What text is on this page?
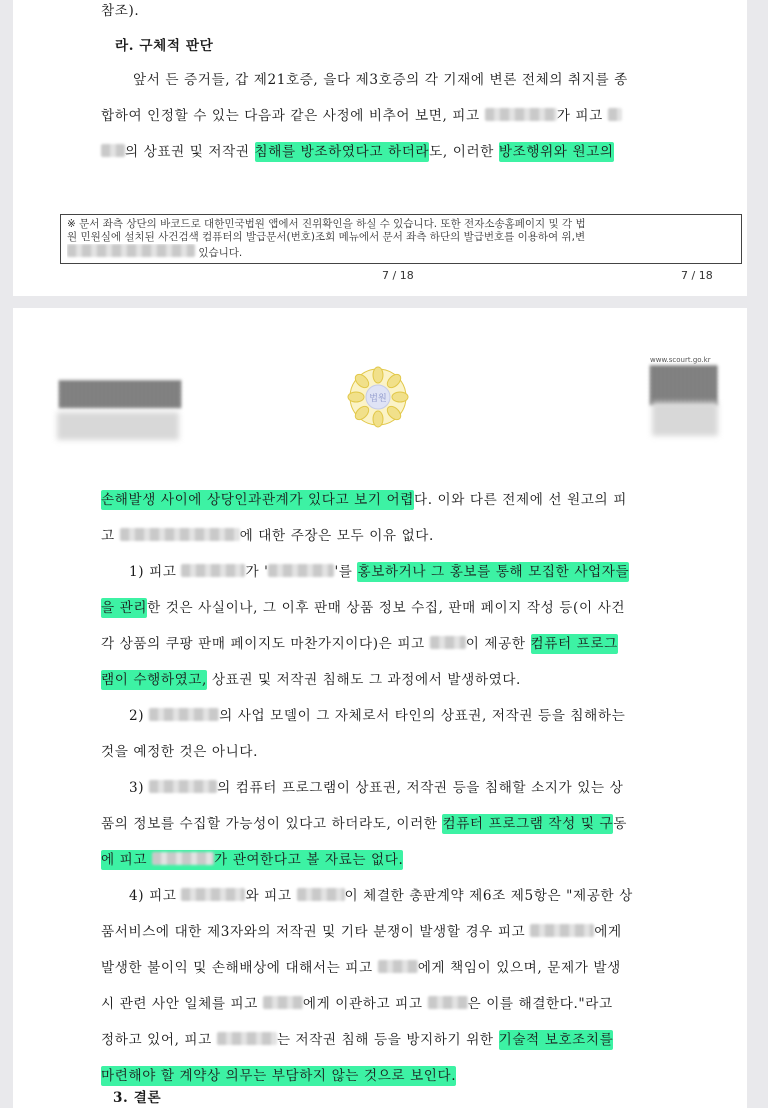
참조).
라. 구체적 판단
앞서 든 증거들, 갑 제21호증, 을다 제3호증의 각 기재에 변론 전체의 취지를 종
합하여 인정할 수 있는 다음과 같은 사정에 비추어 보면, 피고	가 피고
의 상표권 및 저작권 침해를 방조하였다고 하더라도, 이러한 방조행위와 원고의
※ 문서 좌측 상단의 바코드로 대한민국법원 앱에서 진위확인을 하실 수 있습니다. 또한 전자소송홈페이지 및 각 법
원 민원실에 설치된 사건검색 컴퓨터의 발급문서(번호)조회 메뉴에서 문서 좌측 하단의 발급번호를 이용하여 위,변
있습니다.
7 / 18	7 / 18
법원
www.scourt.go.kr
손해발생 사이에 상당인과관계가 있다고 보기 어렵다. 이와 다른 전제에 선 원고의 피
고	에 대한 주장은 모두 이유 없다.
1) 피고	가 '	'를 홍보하거나 그 홍보를 통해 모집한 사업자들
을 관리한 것은 사실이나, 그 이후 판매 상품 정보 수집, 판매 페이지 작성 등(이 사건
각 상품의 쿠팡 판매 페이지도 마찬가지이다)은 피고	이 제공한 컴퓨터 프로그
램이 수행하였고, 상표권 및 저작권 침해도 그 과정에서 발생하였다.
2)	의 사업 모델이 그 자체로서 타인의 상표권, 저작권 등을 침해하는
것을 예정한 것은 아니다.
3)	의 컴퓨터 프로그램이 상표권, 저작권 등을 침해할 소지가 있는 상
품의 정보를 수집할 가능성이 있다고 하더라도, 이러한 컴퓨터 프로그램 작성 및 구동
에 피고	가 관여한다고 볼 자료는 없다.
4) 피고	와 피고	이 체결한 총판계약 제6조 제5항은 "제공한 상
품서비스에 대한 제3자와의 저작권 및 기타 분쟁이 발생할 경우 피고	에게
발생한 불이익 및 손해배상에 대해서는 피고	에게 책임이 있으며, 문제가 발생
시 관련 사안 일체를 피고	에게 이관하고 피고	은 이를 해결한다."라고
정하고 있어, 피고	는 저작권 침해 등을 방지하기 위한 기술적 보호조치를
마련해야 할 계약상 의무는 부담하지 않는 것으로 보인다.
3. 결론
